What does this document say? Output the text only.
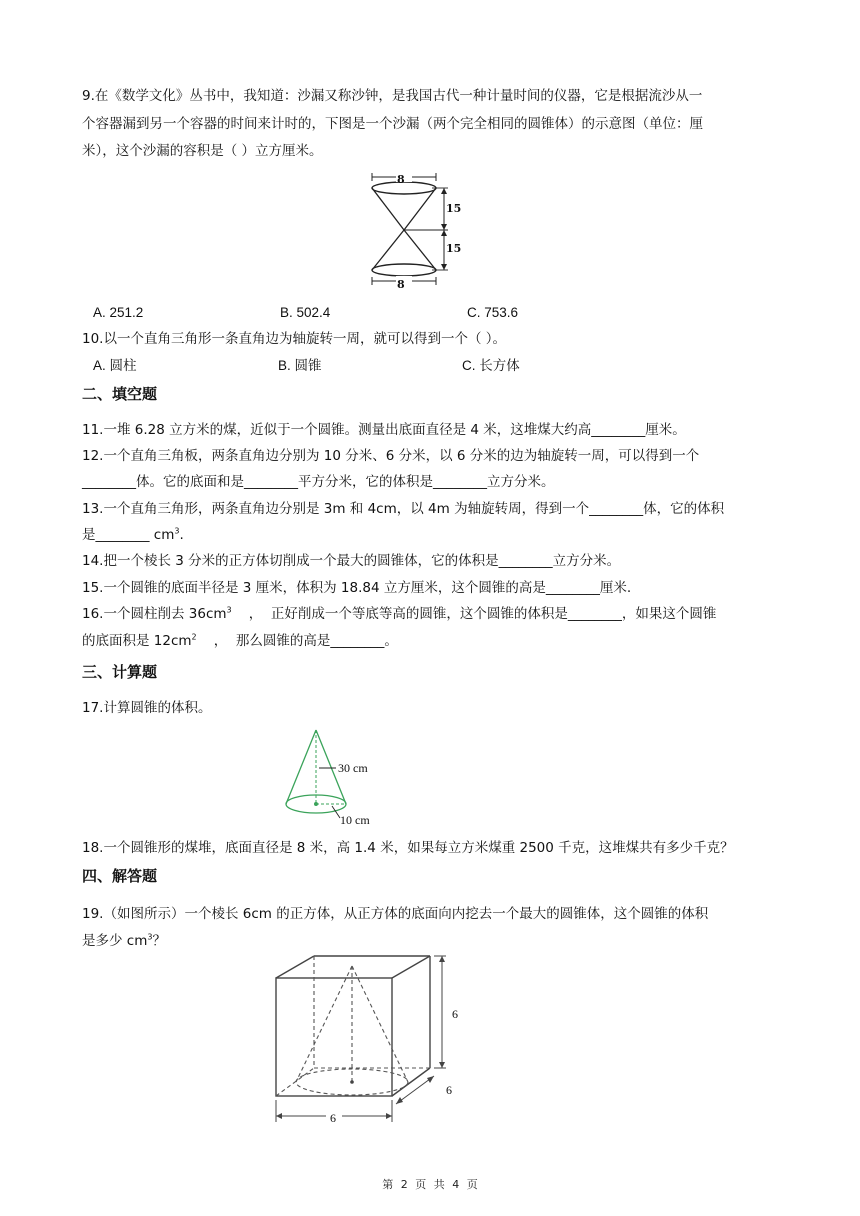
9.在《数学文化》丛书中，我知道：沙漏又称沙钟，是我国古代一种计量时间的仪器，它是根据流沙从一
个容器漏到另一个容器的时间来计时的，下图是一个沙漏（两个完全相同的圆锥体）的示意图（单位：厘
米），这个沙漏的容积是（ ）立方厘米。
8
8
15
15
A. 251.2	B. 502.4	C. 753.6
10.以一个直角三角形一条直角边为轴旋转一周，就可以得到一个（ ）。
A. 圆柱	B. 圆锥	C. 长方体
二、填空题
11.一堆 6.28 立方米的煤，近似于一个圆锥。测量出底面直径是 4 米，这堆煤大约高________厘米。
12.一个直角三角板，两条直角边分别为 10 分米、6 分米，以 6 分米的边为轴旋转一周，可以得到一个
________体。它的底面和是________平方分米，它的体积是________立方分米。
13.一个直角三角形，两条直角边分别是 3m 和 4cm，以 4m 为轴旋转周，得到一个________体，它的体积
是________ $cm^3$.
14.把一个棱长 3 分米的正方体切削成一个最大的圆锥体，它的体积是________立方分米。
15.一个圆锥的底面半径是 3 厘米，体积为 18.84 立方厘米，这个圆锥的高是________厘米.
16.一个圆柱削去 $36cm^3$    ，  正好削成一个等底等高的圆锥，这个圆锥的体积是________，如果这个圆锥
的底面积是 $12cm^2$    ，  那么圆锥的高是________。
三、计算题
17.计算圆锥的体积。
30 cm
10 cm
18.一个圆锥形的煤堆，底面直径是 8 米，高 1.4 米，如果每立方米煤重 2500 千克，这堆煤共有多少千克？
四、解答题
19.（如图所示）一个棱长 6cm 的正方体，从正方体的底面向内挖去一个最大的圆锥体，这个圆锥的体积
是多少 $cm^3$？
6
6
6
第 2 页 共 4 页
